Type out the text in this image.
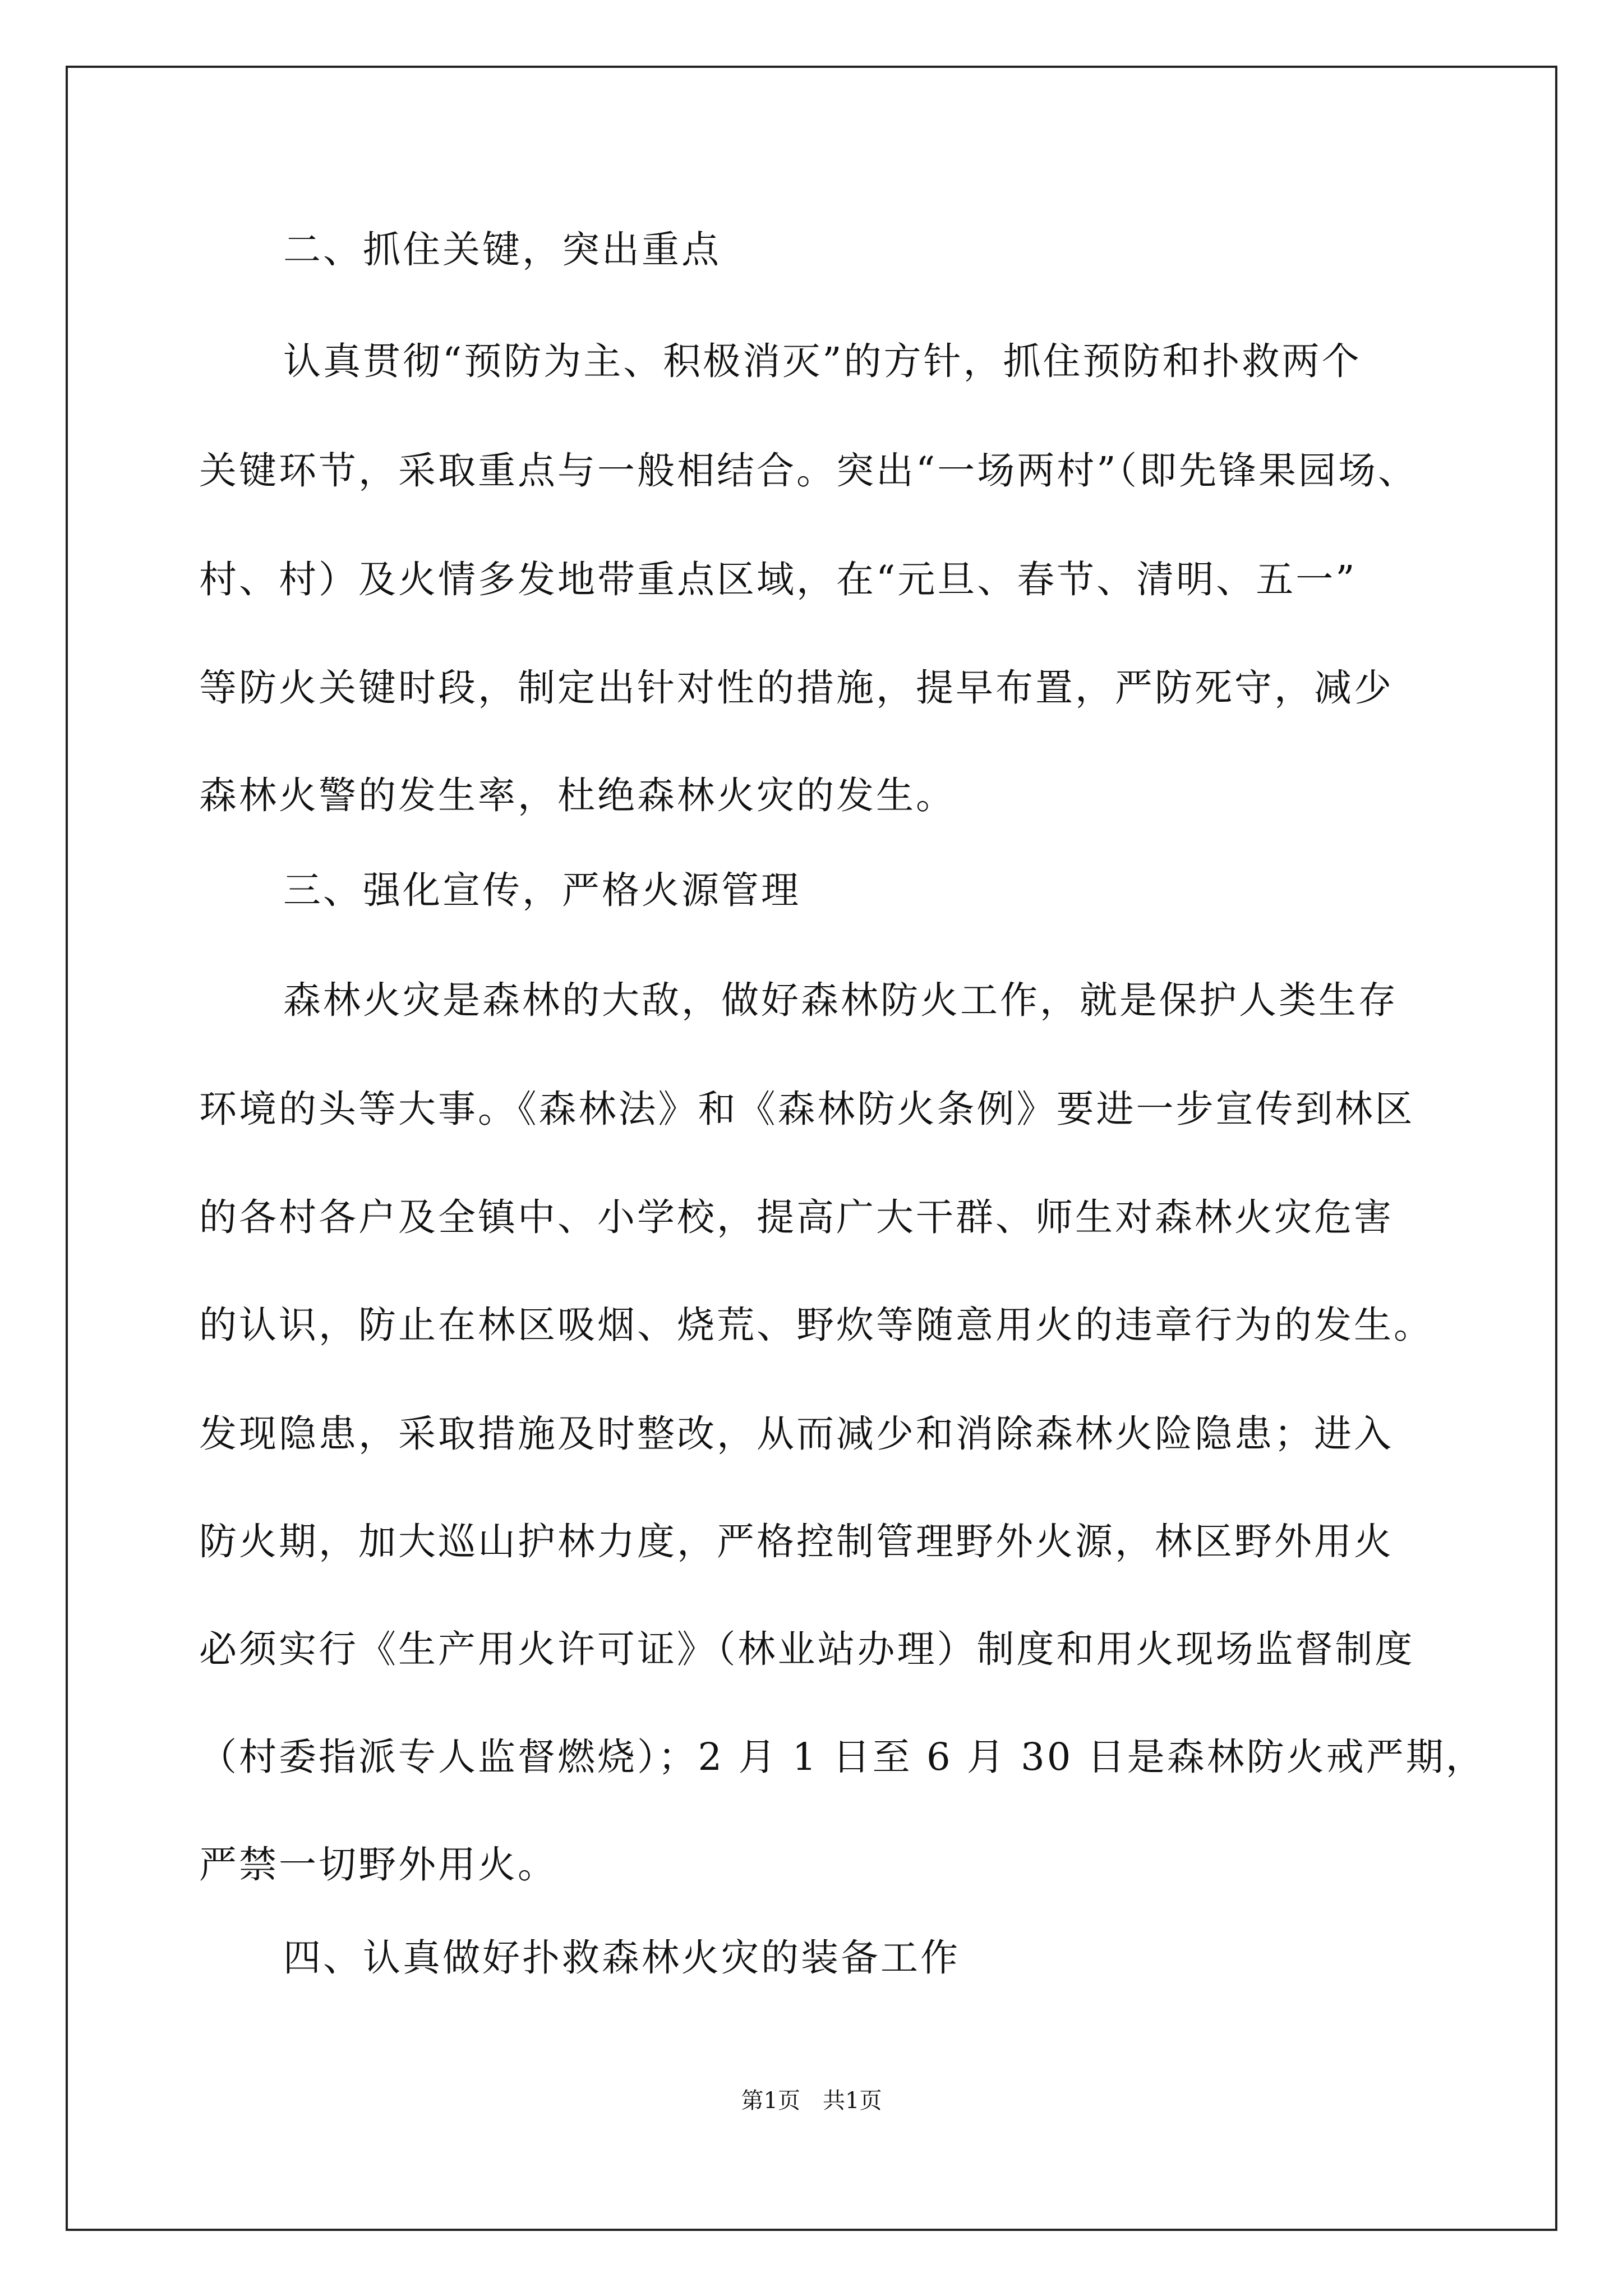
二、抓住关键，突出重点

认真贯彻“预防为主、积极消灭”的方针，抓住预防和扑救两个

关键环节，采取重点与一般相结合。突出“一场两村”（即先锋果园场、

村、村）及火情多发地带重点区域，在“元旦、春节、清明、五一”

等防火关键时段，制定出针对性的措施，提早布置，严防死守，减少

森林火警的发生率，杜绝森林火灾的发生。

三、强化宣传，严格火源管理

森林火灾是森林的大敌，做好森林防火工作，就是保护人类生存

环境的头等大事。《森林法》和《森林防火条例》要进一步宣传到林区

的各村各户及全镇中、小学校，提高广大干群、师生对森林火灾危害

的认识，防止在林区吸烟、烧荒、野炊等随意用火的违章行为的发生。

发现隐患，采取措施及时整改，从而减少和消除森林火险隐患；进入

防火期，加大巡山护林力度，严格控制管理野外火源，林区野外用火

必须实行《生产用火许可证》（林业站办理）制度和用火现场监督制度

（村委指派专人监督燃烧）；2 月 1 日至 6 月 30 日是森林防火戒严期，

严禁一切野外用火。

四、认真做好扑救森林火灾的装备工作

第1页　共1页
